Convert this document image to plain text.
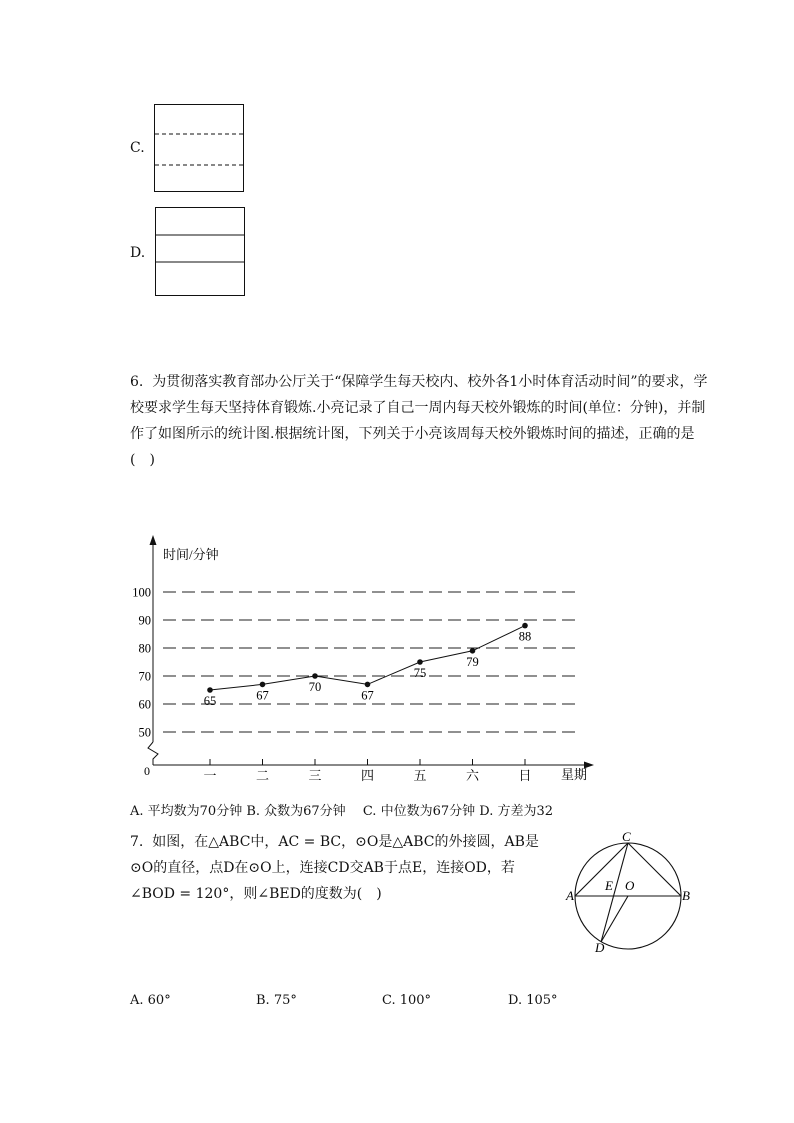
C.
D.
6. 为贯彻落实教育部办公厅关于“保障学生每天校内、校外各1小时体育活动时间”的要求，学校要求学生每天坚持体育锻炼.小亮记录了自己一周内每天校外锻炼的时间(单位：分钟)，并制作了如图所示的统计图.根据统计图，下列关于小亮该周每天校外锻炼时间的描述，正确的是(　)
50
60
70
80
90
100
一	二	三	四	五	六	日
时间/分钟
星期
0
65	67
70
67
75
79
88
A. 平均数为70分钟 B. 众数为67分钟　 C. 中位数为67分钟 D. 方差为32
7. 如图，在△ABC中，AC = BC，⊙O是△ABC的外接圆，AB是⊙O的直径，点D在⊙O上，连接CD交AB于点E，连接OD，若∠BOD = 120°，则∠BED的度数为(　)
C
A	B
E O
D
A. 60°	B. 75°	C. 100°	D. 105°
